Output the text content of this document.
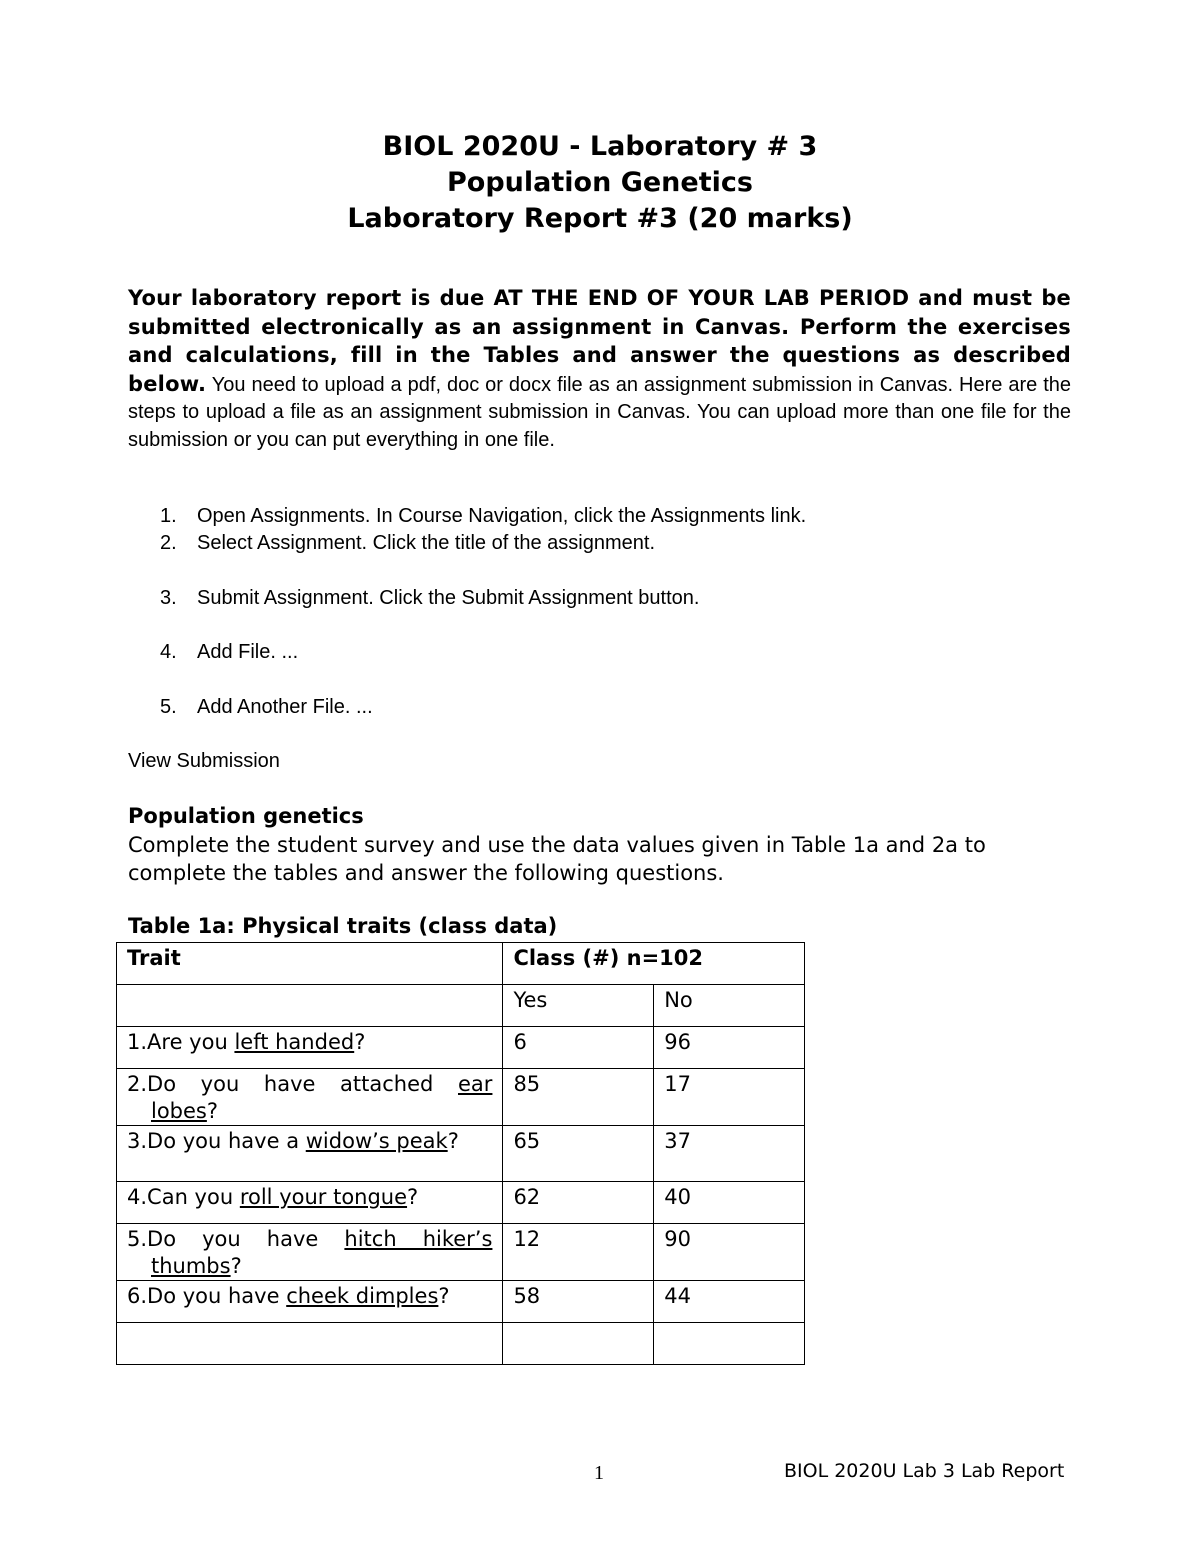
BIOL 2020U - Laboratory # 3
Population Genetics
Laboratory Report #3 (20 marks)
Your laboratory report is due AT THE END OF YOUR LAB PERIOD and must be submitted electronically as an assignment in Canvas. Perform the exercises and calculations, fill in the Tables and answer the questions as described below. You need to upload a pdf, doc or docx file as an assignment submission in Canvas. Here are the steps to upload a file as an assignment submission in Canvas. You can upload more than one file for the submission or you can put everything in one file.
1. Open Assignments. In Course Navigation, click the Assignments link.
2. Select Assignment. Click the title of the assignment.
3. Submit Assignment. Click the Submit Assignment button.
4. Add File. ...
5. Add Another File. ...
View Submission
Population genetics
Complete the student survey and use the data values given in Table 1a and 2a to complete the tables and answer the following questions.
Table 1a: Physical traits (class data)
Trait	Class (#) n=102	
	Yes	No

1.Are you left handed?	6	96

2.Do you have attached ear lobes?	85	17

3.Do you have a widow’s peak?	65	37

4.Can you roll your tongue?	62	40

5.Do you have hitch hiker’s thumbs?	12	90

6.Do you have cheek dimples?	58	44

1	BIOL 2020U Lab 3 Lab Report
